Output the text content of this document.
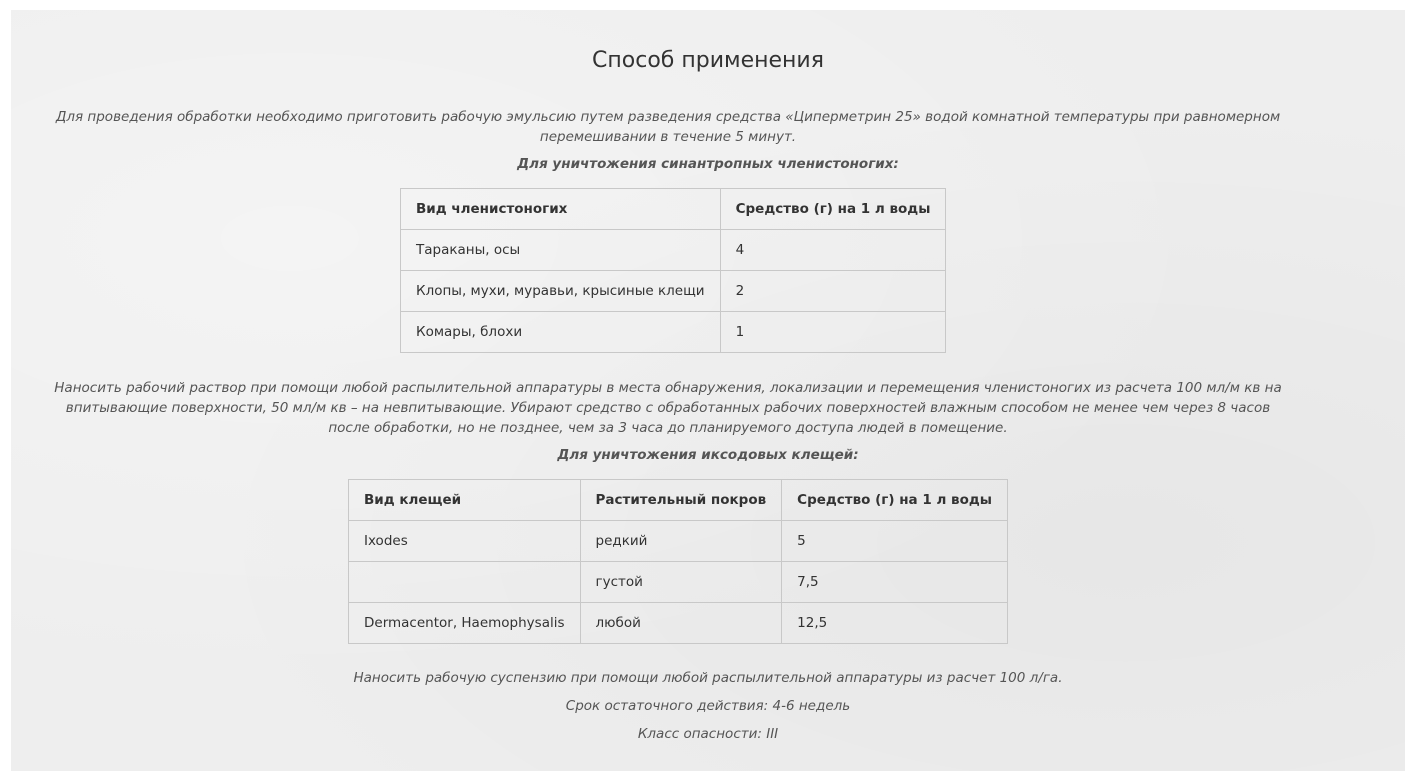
Способ применения
Для проведения обработки необходимо приготовить рабочую эмульсию путем разведения средства «Циперметрин 25» водой комнатной температуры при равномерном перемешивании в течение 5 минут.
Для уничтожения синантропных членистоногих:
Вид членистоногих	Средство (г) на 1 л воды
Тараканы, осы	4
Клопы, мухи, муравьи, крысиные клещи	2
Комары, блохи	1
Наносить рабочий раствор при помощи любой распылительной аппаратуры в места обнаружения, локализации и перемещения членистоногих из расчета 100 мл/м кв на впитывающие поверхности, 50 мл/м кв – на невпитывающие. Убирают средство с обработанных рабочих поверхностей влажным способом не менее чем через 8 часов после обработки, но не позднее, чем за 3 часа до планируемого доступа людей в помещение.
Для уничтожения иксодовых клещей:
Вид клещей	Растительный покров	Средство (г) на 1 л воды
Ixodes	редкий	5
	густой	7,5
Dermacentor, Haemophysalis	любой	12,5
Наносить рабочую суспензию при помощи любой распылительной аппаратуры из расчет 100 л/га.
Срок остаточного действия: 4-6 недель
Класс опасности: III
